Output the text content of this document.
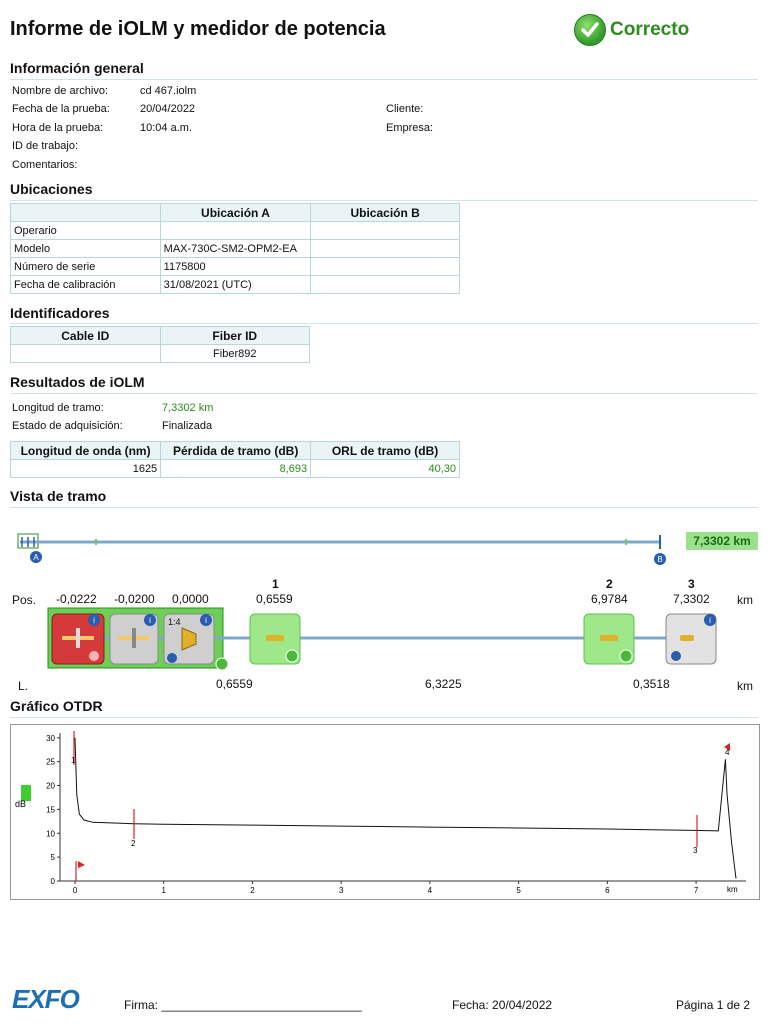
Informe de iOLM y medidor de potencia	Correcto
Información general
Nombre de archivo:	cd 467.iolm
Fecha de la prueba:	20/04/2022	Cliente:
Hora de la prueba:	10:04 a.m.	Empresa:
ID de trabajo:
Comentarios:
Ubicaciones
	Ubicación A	Ubicación B
Operario		
Modelo	MAX-730C-SM2-OPM2-EA	
Número de serie	1175800	
Fecha de calibración	31/08/2021 (UTC)	
Identificadores
Cable ID	Fiber ID
	Fiber892
Resultados de iOLM
Longitud de tramo:	7,3302 km
Estado de adquisición:	Finalizada
Longitud de onda (nm)	Pérdida de tramo (dB)	ORL de tramo (dB)
1625	8,693	40,30
Vista de tramo
A	B
7,3302 km
1	2	3
Pos. -0,0222 -0,0200 0,0000	0,6559	6,9784	7,3302 km
i	i 1:4	i	i
L.	0,6559	6,3225	0,3518	km
Gráfico OTDR
dB
0
5
10
15
20
25
30
0	1	2	3	4	5	6	7	km
1
2
3
4
EXFO	Firma: ______________________________	Fecha: 20/04/2022	Página 1 de 2
